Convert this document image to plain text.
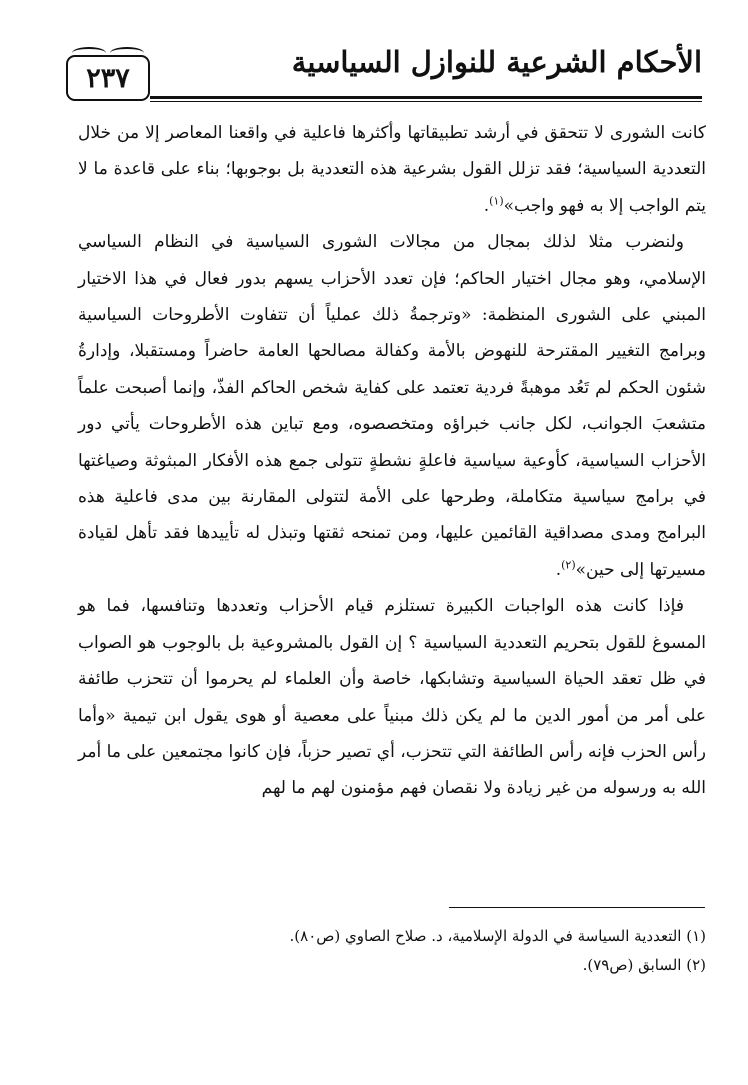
٢٣٧	الأحكام الشرعية للنوازل السياسية

كانت الشورى لا تتحقق في أرشد تطبيقاتها وأكثرها فاعلية في واقعنا المعاصر إلا من خلال التعددية السياسية؛ فقد تزلل القول بشرعية هذه التعددية بل بوجوبها؛ بناء على قاعدة ما لا يتم الواجب إلا به فهو واجب»$^{(١)}$.

ولنضرب مثلا لذلك بمجال من مجالات الشورى السياسية في النظام السياسي الإسلامي، وهو مجال اختيار الحاكم؛ فإن تعدد الأحزاب يسهم بدور فعال في هذا الاختيار المبني على الشورى المنظمة: «وترجمةُ ذلك عملياً أن تتفاوت الأطروحات السياسية وبرامج التغيير المقترحة للنهوض بالأمة وكفالة مصالحها العامة حاضراً ومستقبلا، وإدارةُ شئون الحكم لم تَعُد موهبةً فردية تعتمد على كفاية شخص الحاكم الفذّ، وإنما أصبحت علماً متشعبَ الجوانب، لكل جانب خبراؤه ومتخصصوه، ومع تباين هذه الأطروحات يأتي دور الأحزاب السياسية، كأوعية سياسية فاعلةٍ نشطةٍ تتولى جمع هذه الأفكار المبثوثة وصياغتها في برامج سياسية متكاملة، وطرحها على الأمة لتتولى المقارنة بين مدى فاعلية هذه البرامج ومدى مصداقية القائمين عليها، ومن تمنحه ثقتها وتبذل له تأييدها فقد تأهل لقيادة مسيرتها إلى حين»$^{(٢)}$.

فإذا كانت هذه الواجبات الكبيرة تستلزم قيام الأحزاب وتعددها وتنافسها، فما هو المسوغ للقول بتحريم التعددية السياسية ؟ إن القول بالمشروعية بل بالوجوب هو الصواب في ظل تعقد الحياة السياسية وتشابكها، خاصة وأن العلماء لم يحرموا أن تتحزب طائفة على أمر من أمور الدين ما لم يكن ذلك مبنياً على معصية أو هوى يقول ابن تيمية «وأما رأس الحزب فإنه رأس الطائفة التي تتحزب، أي تصير حزباً، فإن كانوا مجتمعين على ما أمر الله به ورسوله من غير زيادة ولا نقصان فهم مؤمنون لهم ما لهم

(١) التعددية السياسة في الدولة الإسلامية، د. صلاح الصاوي (ص٨٠).
(٢) السابق (ص٧٩).
